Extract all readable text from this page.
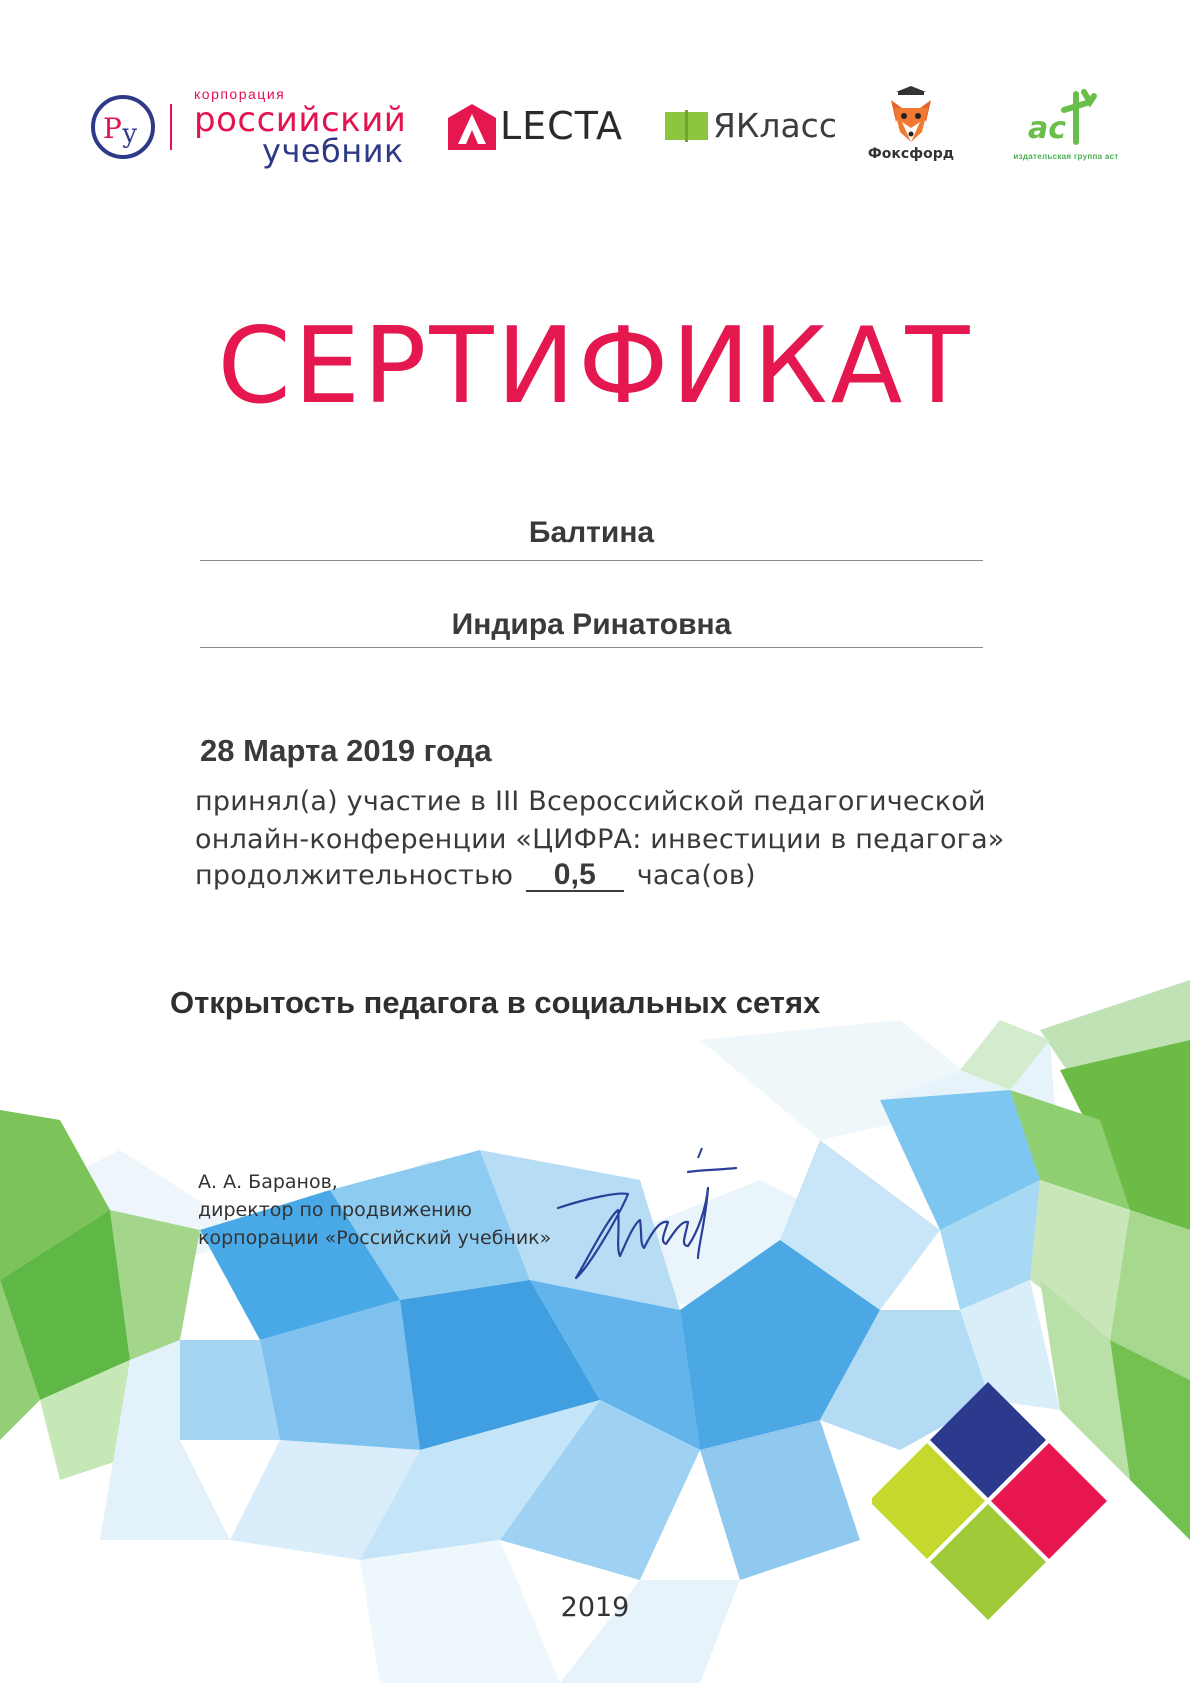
Р у
корпорация
российский
учебник
LECTA	ЯКласс
Фоксфорд
ас
издательская группа аст
СЕРТИФИКАТ
Балтина
Индира Ринатовна
28 Марта 2019 года
принял(а) участие в III Всероссийской педагогической
онлайн-конференции «ЦИФРА: инвестиции в педагога»
продолжительностью 0,5 часа(ов)
Открытость педагога в социальных сетях
А. А. Баранов,
директор по продвижению
корпорации «Российский учебник»
2019
